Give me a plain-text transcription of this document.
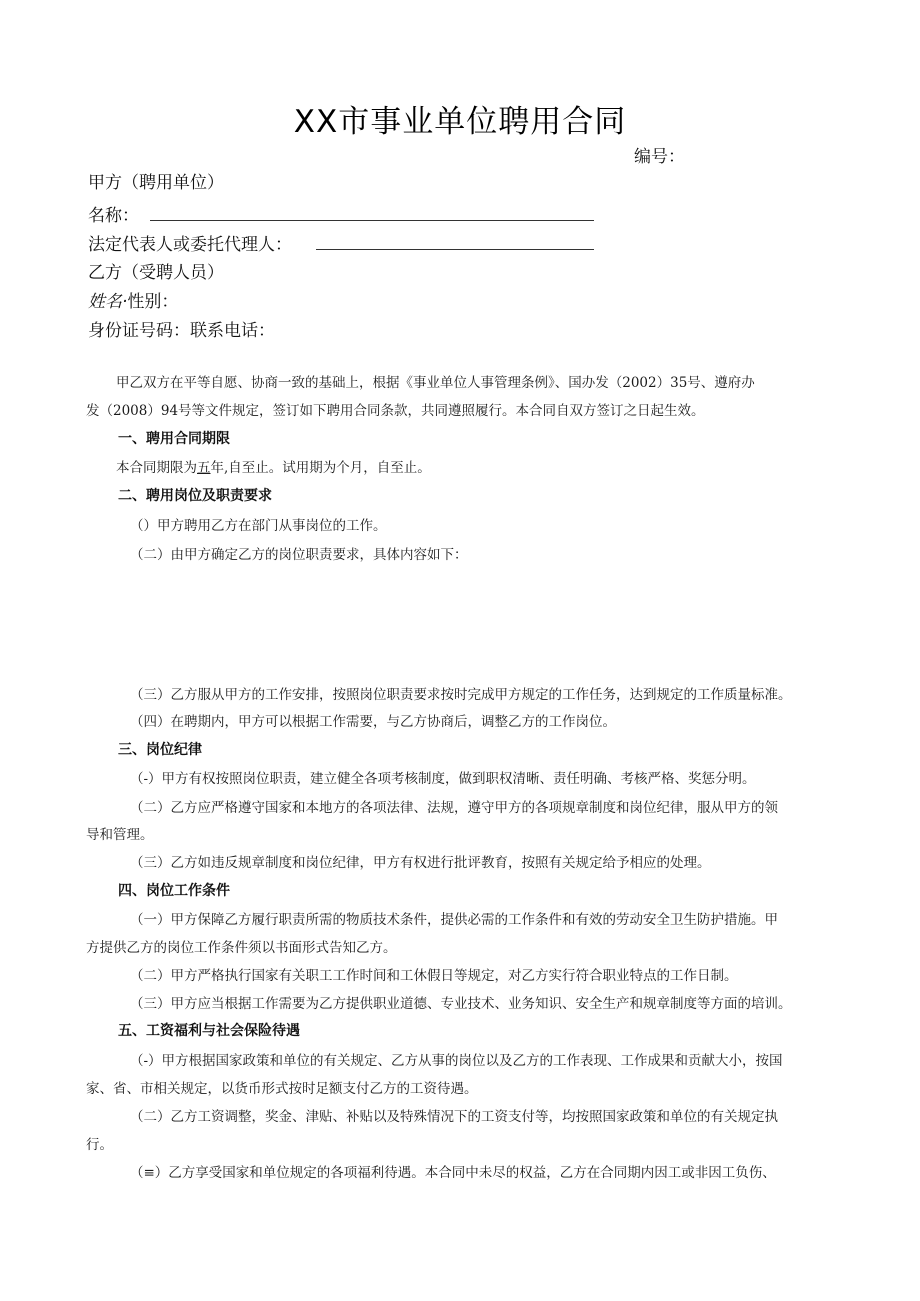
XX市事业单位聘用合同
编号：
甲方（聘用单位）
名称：
法定代表人或委托代理人：
乙方（受聘人员）
姓名·性别：
身份证号码：联系电话：
甲乙双方在平等自愿、协商一致的基础上，根据《事业单位人事管理条例》、国办发（2002）35号、遵府办
发（2008）94号等文件规定，签订如下聘用合同条款，共同遵照履行。本合同自双方签订之日起生效。
一、聘用合同期限
本合同期限为五年,自至止。试用期为个月，自至止。
二、聘用岗位及职责要求
（）甲方聘用乙方在部门从事岗位的工作。
（二）由甲方确定乙方的岗位职责要求，具体内容如下：
（三）乙方服从甲方的工作安排，按照岗位职责要求按时完成甲方规定的工作任务，达到规定的工作质量标准。
（四）在聘期内，甲方可以根据工作需要，与乙方协商后，调整乙方的工作岗位。
三、岗位纪律
（-）甲方有权按照岗位职责，建立健全各项考核制度，做到职权清晰、责任明确、考核严格、奖惩分明。
（二）乙方应严格遵守国家和本地方的各项法律、法规，遵守甲方的各项规章制度和岗位纪律，服从甲方的领
导和管理。
（三）乙方如违反规章制度和岗位纪律，甲方有权进行批评教育，按照有关规定给予相应的处理。
四、岗位工作条件
（一）甲方保障乙方履行职责所需的物质技术条件，提供必需的工作条件和有效的劳动安全卫生防护措施。甲
方提供乙方的岗位工作条件须以书面形式告知乙方。
（二）甲方严格执行国家有关职工工作时间和工休假日等规定，对乙方实行符合职业特点的工作日制。
（三）甲方应当根据工作需要为乙方提供职业道德、专业技术、业务知识、安全生产和规章制度等方面的培训。
五、工资福利与社会保险待遇
（-）甲方根据国家政策和单位的有关规定、乙方从事的岗位以及乙方的工作表现、工作成果和贡献大小，按国
家、省、市相关规定，以货币形式按时足额支付乙方的工资待遇。
（二）乙方工资调整，奖金、津贴、补贴以及特殊情况下的工资支付等，均按照国家政策和单位的有关规定执
行。
（≡）乙方享受国家和单位规定的各项福利待遇。本合同中未尽的权益，乙方在合同期内因工或非因工负伤、
